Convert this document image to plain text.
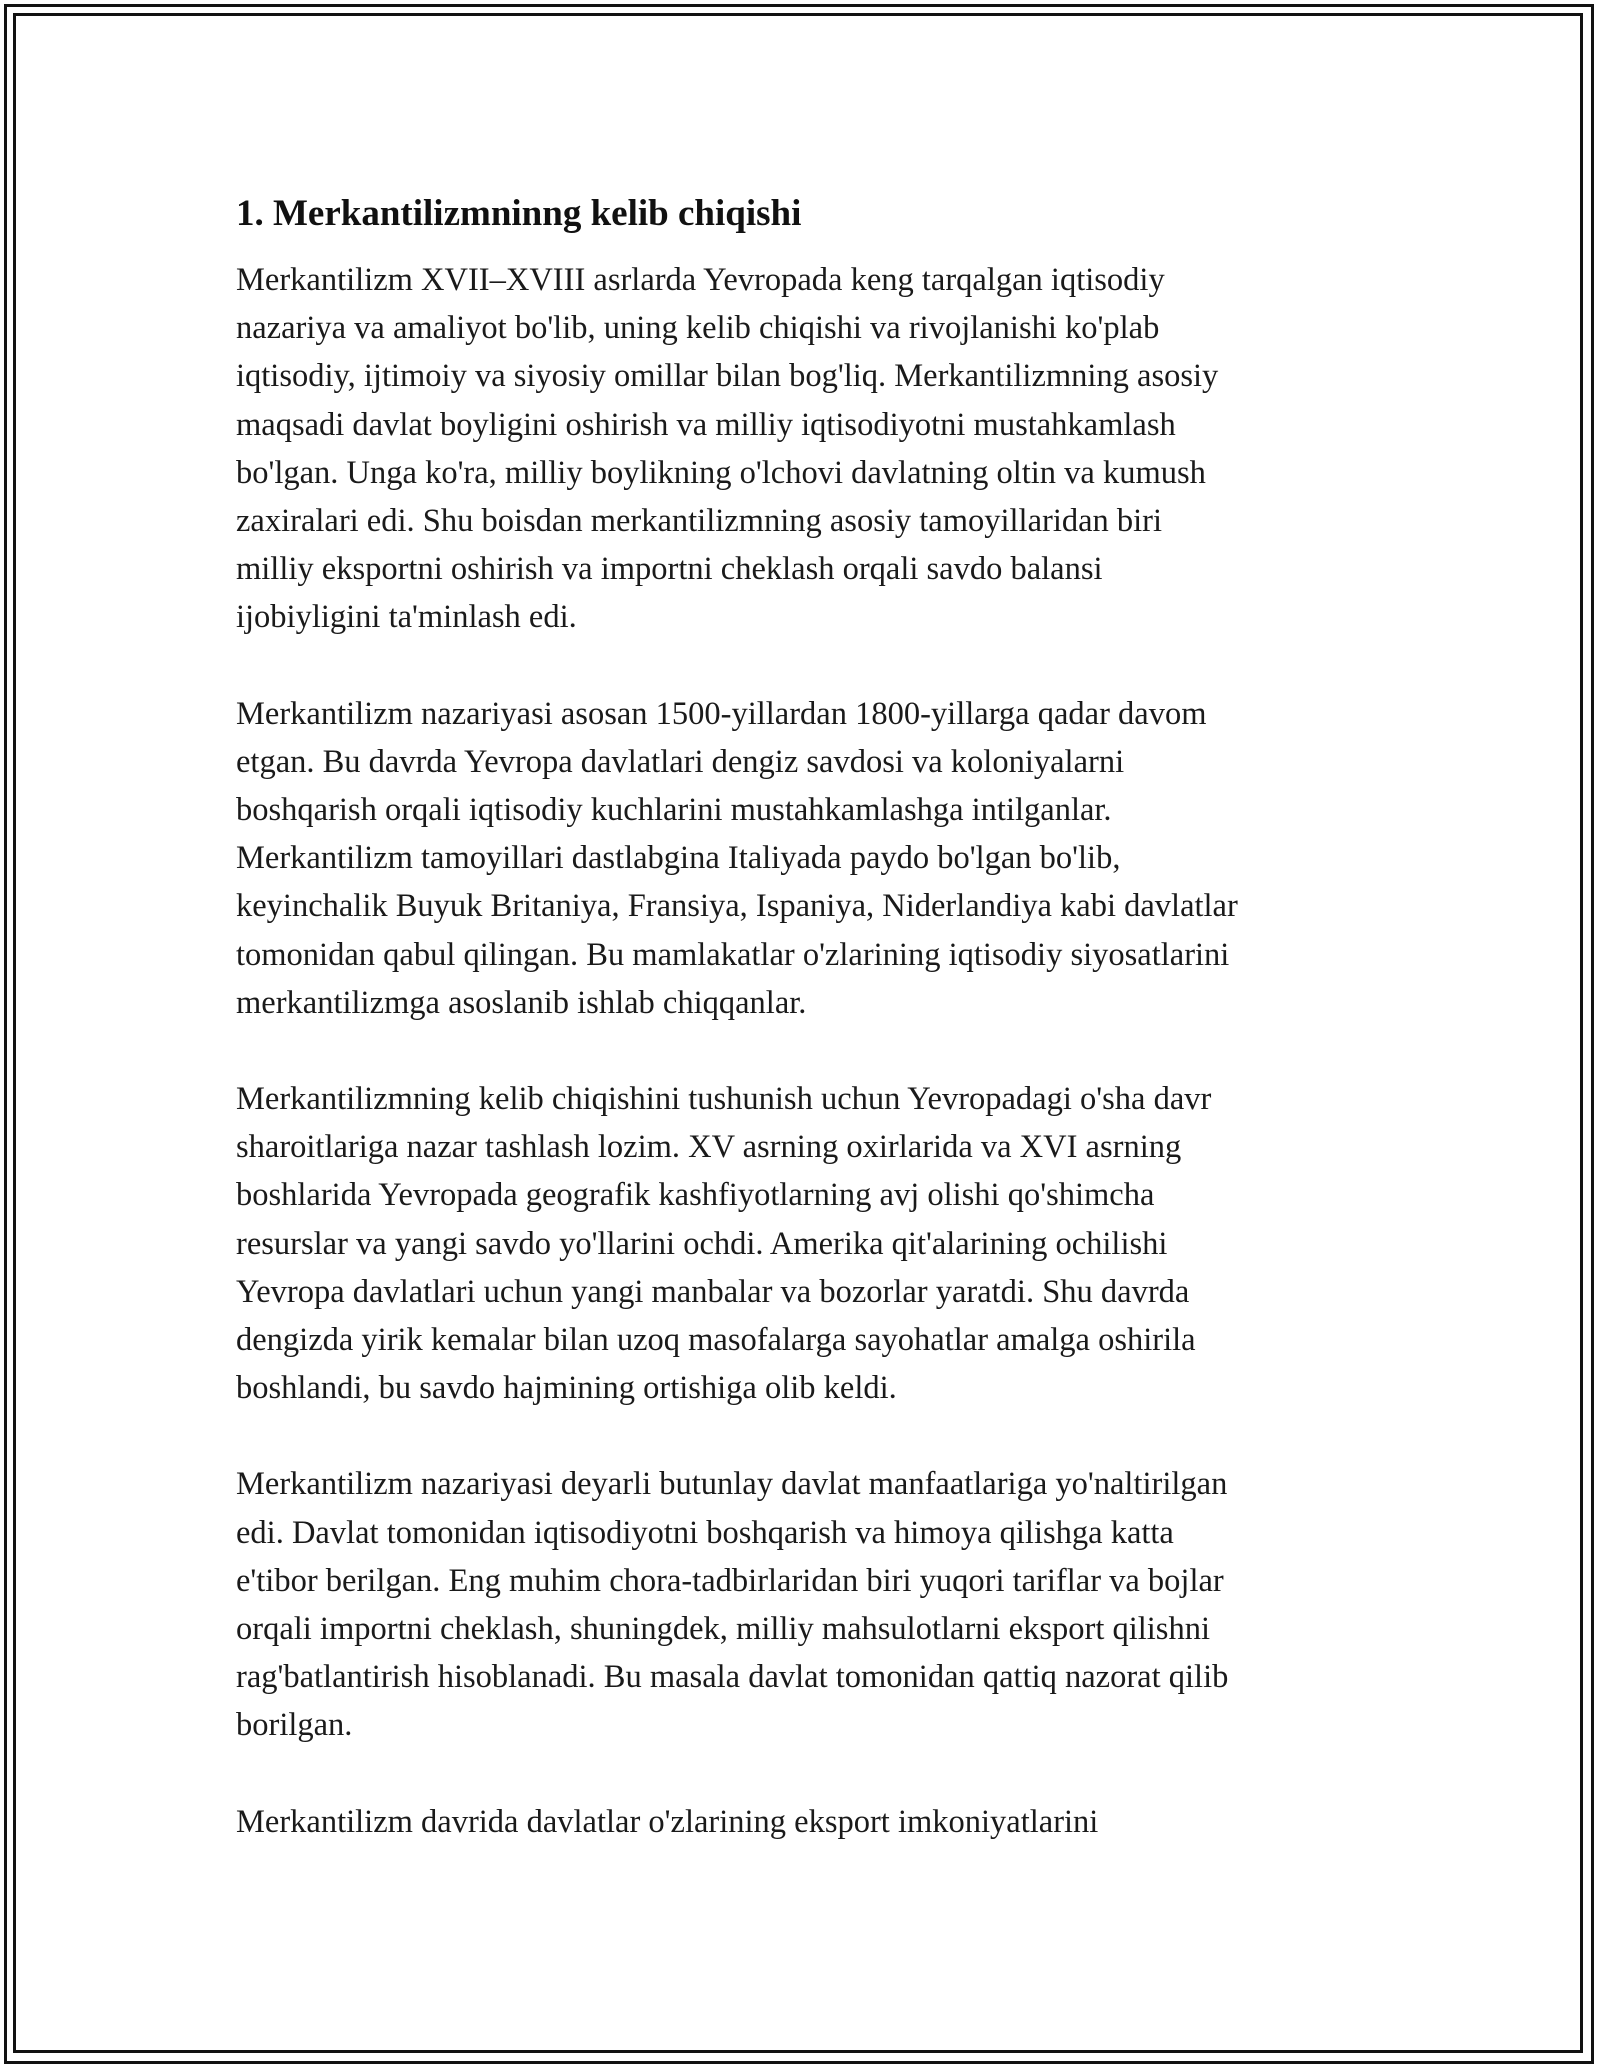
1. Merkantilizmninng kelib chiqishi

Merkantilizm XVII–XVIII asrlarda Yevropada keng tarqalgan iqtisodiy
nazariya va amaliyot bo'lib, uning kelib chiqishi va rivojlanishi ko'plab
iqtisodiy, ijtimoiy va siyosiy omillar bilan bog'liq. Merkantilizmning asosiy
maqsadi davlat boyligini oshirish va milliy iqtisodiyotni mustahkamlash
bo'lgan. Unga ko'ra, milliy boylikning o'lchovi davlatning oltin va kumush
zaxiralari edi. Shu boisdan merkantilizmning asosiy tamoyillaridan biri
milliy eksportni oshirish va importni cheklash orqali savdo balansi
ijobiyligini ta'minlash edi.

Merkantilizm nazariyasi asosan 1500-yillardan 1800-yillarga qadar davom
etgan. Bu davrda Yevropa davlatlari dengiz savdosi va koloniyalarni
boshqarish orqali iqtisodiy kuchlarini mustahkamlashga intilganlar.
Merkantilizm tamoyillari dastlabgina Italiyada paydo bo'lgan bo'lib,
keyinchalik Buyuk Britaniya, Fransiya, Ispaniya, Niderlandiya kabi davlatlar
tomonidan qabul qilingan. Bu mamlakatlar o'zlarining iqtisodiy siyosatlarini
merkantilizmga asoslanib ishlab chiqqanlar.

Merkantilizmning kelib chiqishini tushunish uchun Yevropadagi o'sha davr
sharoitlariga nazar tashlash lozim. XV asrning oxirlarida va XVI asrning
boshlarida Yevropada geografik kashfiyotlarning avj olishi qo'shimcha
resurslar va yangi savdo yo'llarini ochdi. Amerika qit'alarining ochilishi
Yevropa davlatlari uchun yangi manbalar va bozorlar yaratdi. Shu davrda
dengizda yirik kemalar bilan uzoq masofalarga sayohatlar amalga oshirila
boshlandi, bu savdo hajmining ortishiga olib keldi.

Merkantilizm nazariyasi deyarli butunlay davlat manfaatlariga yo'naltirilgan
edi. Davlat tomonidan iqtisodiyotni boshqarish va himoya qilishga katta
e'tibor berilgan. Eng muhim chora-tadbirlaridan biri yuqori tariflar va bojlar
orqali importni cheklash, shuningdek, milliy mahsulotlarni eksport qilishni
rag'batlantirish hisoblanadi. Bu masala davlat tomonidan qattiq nazorat qilib
borilgan.

Merkantilizm davrida davlatlar o'zlarining eksport imkoniyatlarini
